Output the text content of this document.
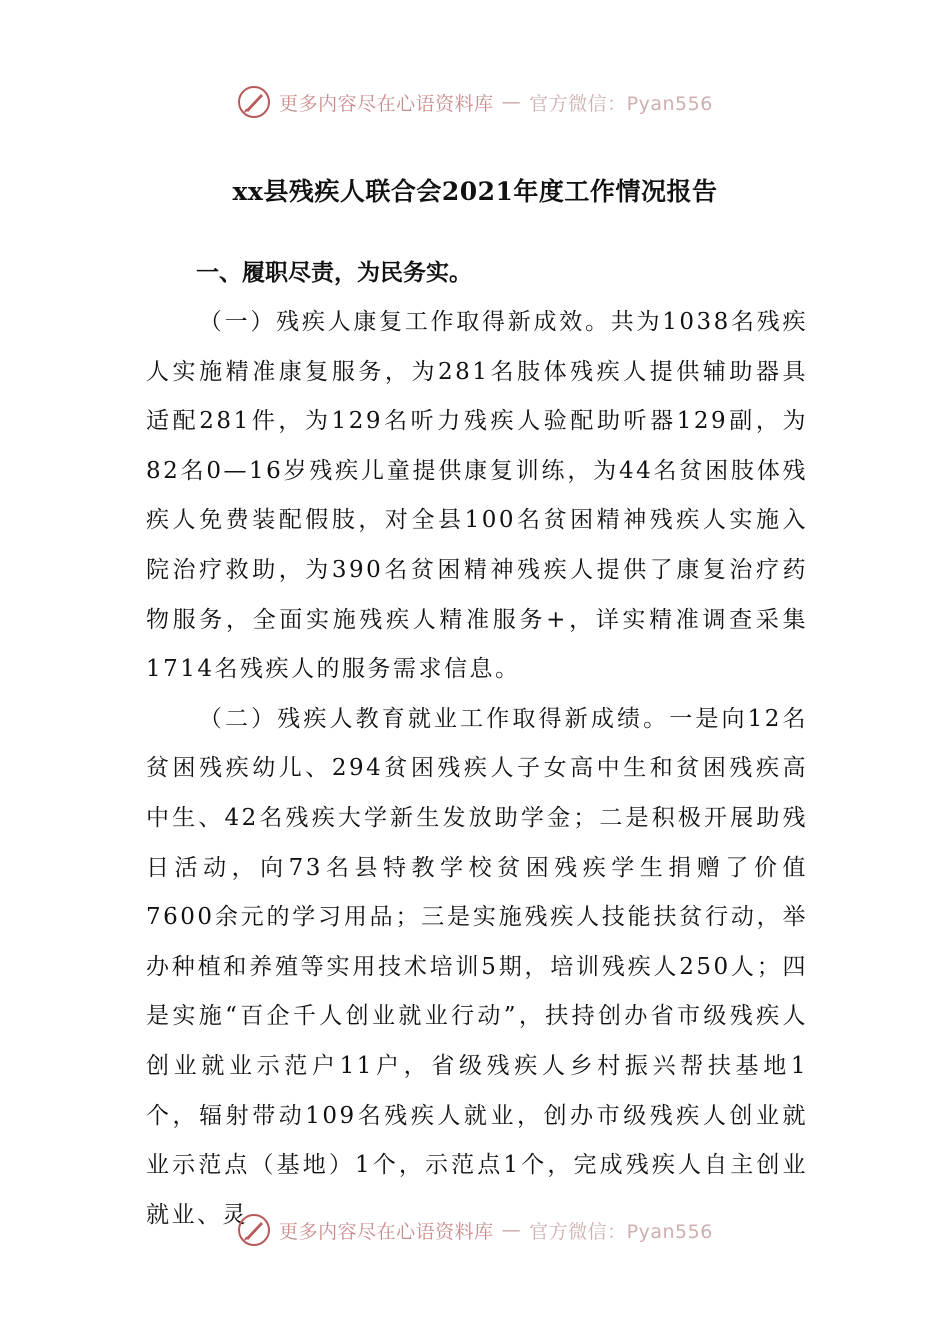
更多内容尽在心语资料库 — 官方微信：Pyan556
xx县残疾人联合会2021年度工作情况报告
一、履职尽责，为民务实。

（一）残疾人康复工作取得新成效。共为1038名残疾人实施精准康复服务，为281名肢体残疾人提供辅助器具适配281件，为129名听力残疾人验配助听器129副，为82名0—16岁残疾儿童提供康复训练，为44名贫困肢体残疾人免费装配假肢，对全县100名贫困精神残疾人实施入院治疗救助，为390名贫困精神残疾人提供了康复治疗药物服务，全面实施残疾人精准服务+，详实精准调查采集1714名残疾人的服务需求信息。

（二）残疾人教育就业工作取得新成绩。一是向12名贫困残疾幼儿、294贫困残疾人子女高中生和贫困残疾高中生、42名残疾大学新生发放助学金；二是积极开展助残日活动，向73名县特教学校贫困残疾学生捐赠了价值7600余元的学习用品；三是实施残疾人技能扶贫行动，举办种植和养殖等实用技术培训5期，培训残疾人250人；四是实施“百企千人创业就业行动”，扶持创办省市级残疾人创业就业示范户11户，省级残疾人乡村振兴帮扶基地1个，辐射带动109名残疾人就业，创办市级残疾人创业就业示范点（基地）1个，示范点1个，完成残疾人自主创业就业、灵

更多内容尽在心语资料库 — 官方微信：Pyan556
